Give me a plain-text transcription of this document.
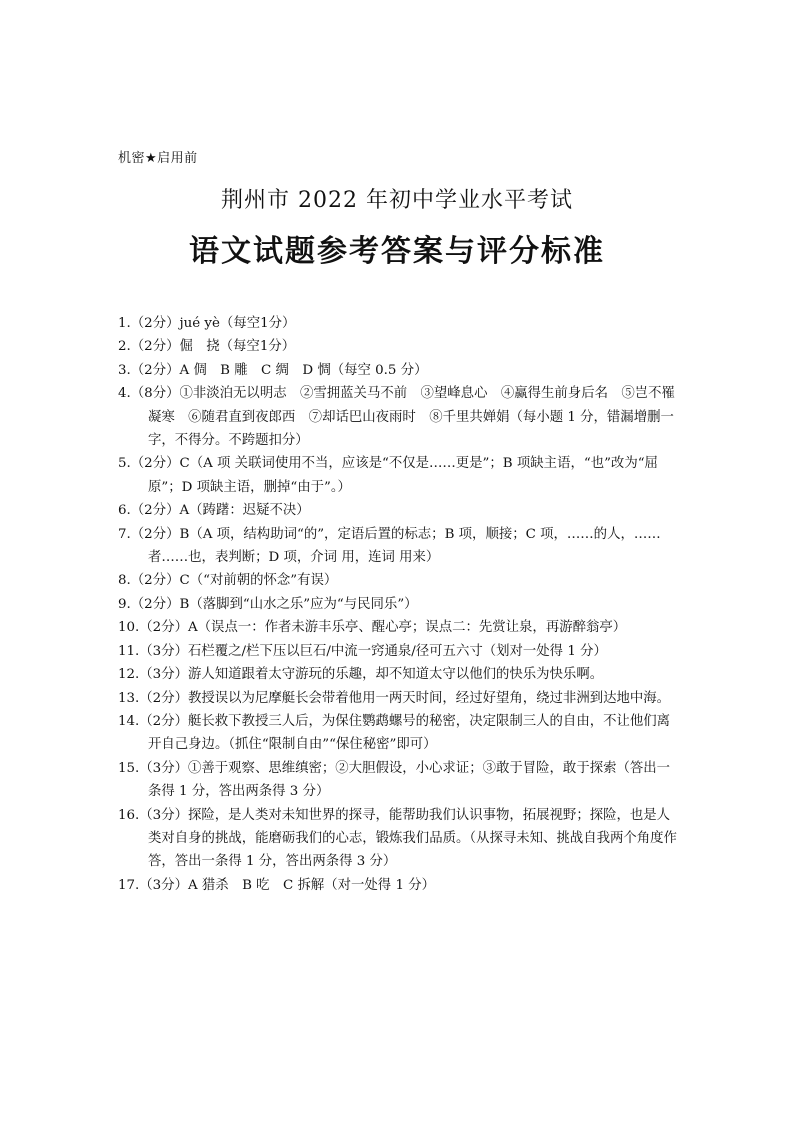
机密★启用前
荆州市 2022 年初中学业水平考试
语文试题参考答案与评分标准
1.（2分）jué yè（每空1分）
2.（2分）倔　挠（每空1分）
3.（2分）A 倜　B 雕　C 绸　D 惆（每空 0.5 分）
4.（8分）①非淡泊无以明志　②雪拥蓝关马不前　③望峰息心　④赢得生前身后名　⑤岂不罹凝寒　⑥随君直到夜郎西　⑦却话巴山夜雨时　⑧千里共婵娟（每小题 1 分，错漏增删一字，不得分。不跨题扣分）
5.（2分）C（A 项 关联词使用不当，应该是“不仅是……更是”；B 项缺主语，“也”改为“屈原”；D 项缺主语，删掉“由于”。）
6.（2分）A（踌躇：迟疑不决）
7.（2分）B（A 项，结构助词“的”，定语后置的标志；B 项，顺接；C 项，……的人，……者……也，表判断；D 项，介词 用，连词 用来）
8.（2分）C（“对前朝的怀念”有误）
9.（2分）B（落脚到“山水之乐”应为“与民同乐”）
10.（2分）A（误点一：作者未游丰乐亭、醒心亭；误点二：先赏让泉，再游醉翁亭）
11.（3分）石栏覆之/栏下压以巨石/中流一窍通泉/径可五六寸（划对一处得 1 分）
12.（3分）游人知道跟着太守游玩的乐趣，却不知道太守以他们的快乐为快乐啊。
13.（2分）教授误以为尼摩艇长会带着他用一两天时间，经过好望角，绕过非洲到达地中海。
14.（2分）艇长救下教授三人后，为保住鹦鹉螺号的秘密，决定限制三人的自由，不让他们离开自己身边。（抓住“限制自由”“保住秘密”即可）
15.（3分）①善于观察、思维缜密；②大胆假设，小心求证；③敢于冒险，敢于探索（答出一条得 1 分，答出两条得 3 分）
16.（3分）探险，是人类对未知世界的探寻，能帮助我们认识事物，拓展视野；探险，也是人类对自身的挑战，能磨砺我们的心志，锻炼我们品质。（从探寻未知、挑战自我两个角度作答，答出一条得 1 分，答出两条得 3 分）
17.（3分）A 猎杀　B 吃　C 拆解（对一处得 1 分）
